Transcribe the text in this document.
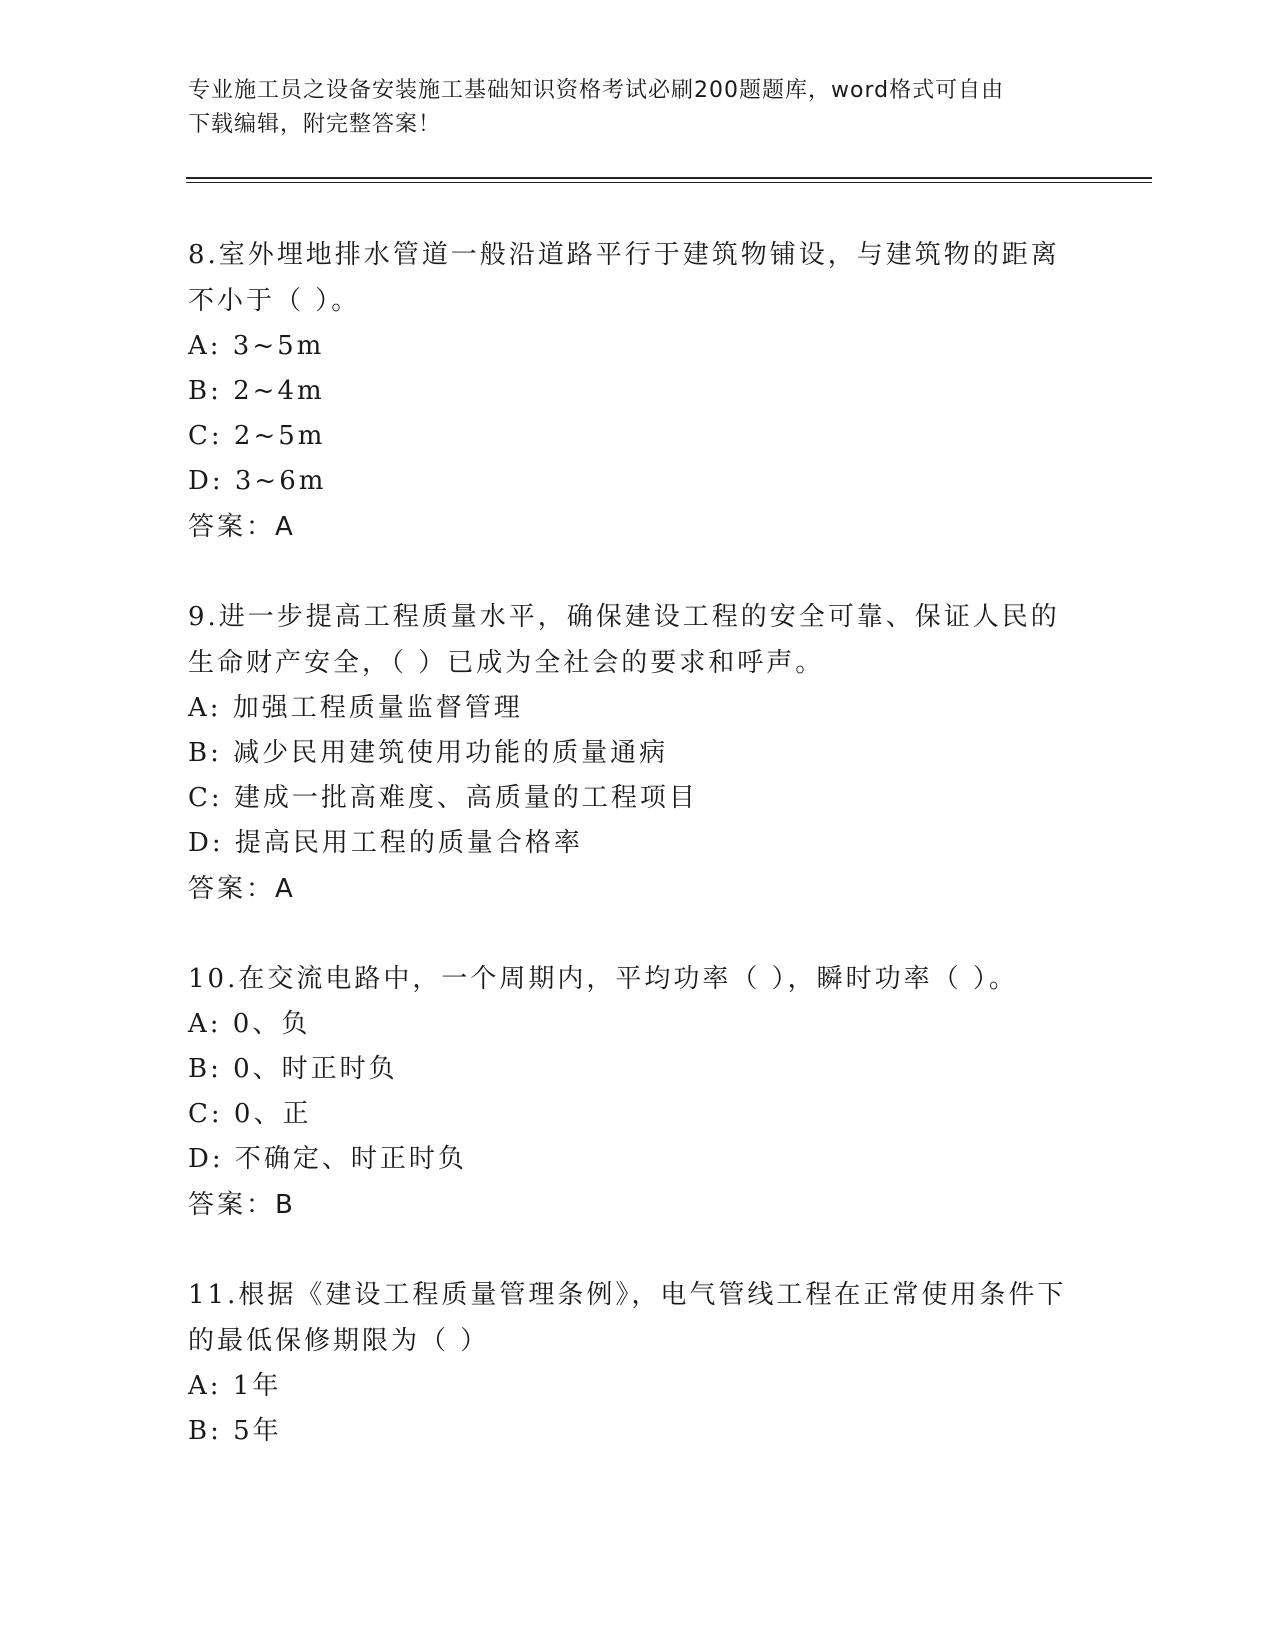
专业施工员之设备安装施工基础知识资格考试必刷200题题库，word格式可自由
下载编辑，附完整答案！
8.室外埋地排水管道一般沿道路平行于建筑物铺设，与建筑物的距离
不小于（ ）。
A: 3~5m
B: 2~4m
C: 2~5m
D: 3~6m
答案：A
9.进一步提高工程质量水平，确保建设工程的安全可靠、保证人民的
生命财产安全，（ ）已成为全社会的要求和呼声。
A: 加强工程质量监督管理
B: 减少民用建筑使用功能的质量通病
C: 建成一批高难度、高质量的工程项目
D: 提高民用工程的质量合格率
答案：A
10.在交流电路中，一个周期内，平均功率（ ），瞬时功率（ ）。
A: 0、负
B: 0、时正时负
C: 0、正
D: 不确定、时正时负
答案：B
11.根据《建设工程质量管理条例》，电气管线工程在正常使用条件下
的最低保修期限为（ ）
A: 1年
B: 5年
